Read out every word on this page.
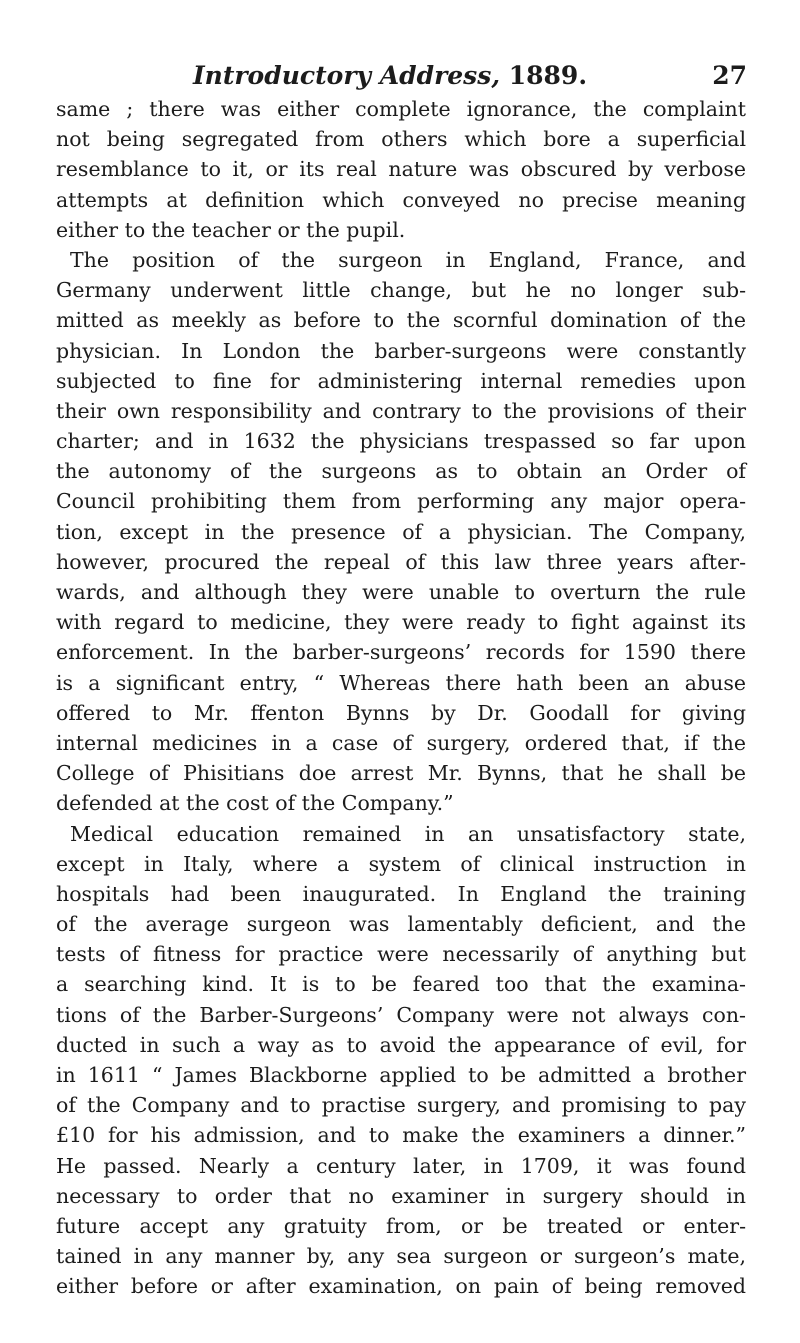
Introductory Address, 1889.	27
same ; there was either complete ignorance, the complaint
not being segregated from others which bore a superficial
resemblance to it, or its real nature was obscured by verbose
attempts at definition which conveyed no precise meaning
either to the teacher or the pupil.
The position of the surgeon in England, France, and
Germany underwent little change, but he no longer sub-
mitted as meekly as before to the scornful domination of the
physician. In London the barber-surgeons were constantly
subjected to fine for administering internal remedies upon
their own responsibility and contrary to the provisions of their
charter; and in 1632 the physicians trespassed so far upon
the autonomy of the surgeons as to obtain an Order of
Council prohibiting them from performing any major opera-
tion, except in the presence of a physician. The Company,
however, procured the repeal of this law three years after-
wards, and although they were unable to overturn the rule
with regard to medicine, they were ready to fight against its
enforcement. In the barber-surgeons’ records for 1590 there
is a significant entry, “ Whereas there hath been an abuse
offered to Mr. ffenton Bynns by Dr. Goodall for giving
internal medicines in a case of surgery, ordered that, if the
College of Phisitians doe arrest Mr. Bynns, that he shall be
defended at the cost of the Company.”
Medical education remained in an unsatisfactory state,
except in Italy, where a system of clinical instruction in
hospitals had been inaugurated. In England the training
of the average surgeon was lamentably deficient, and the
tests of fitness for practice were necessarily of anything but
a searching kind. It is to be feared too that the examina-
tions of the Barber-Surgeons’ Company were not always con-
ducted in such a way as to avoid the appearance of evil, for
in 1611 “ James Blackborne applied to be admitted a brother
of the Company and to practise surgery, and promising to pay
£10 for his admission, and to make the examiners a dinner.”
He passed. Nearly a century later, in 1709, it was found
necessary to order that no examiner in surgery should in
future accept any gratuity from, or be treated or enter-
tained in any manner by, any sea surgeon or surgeon’s mate,
either before or after examination, on pain of being removed
